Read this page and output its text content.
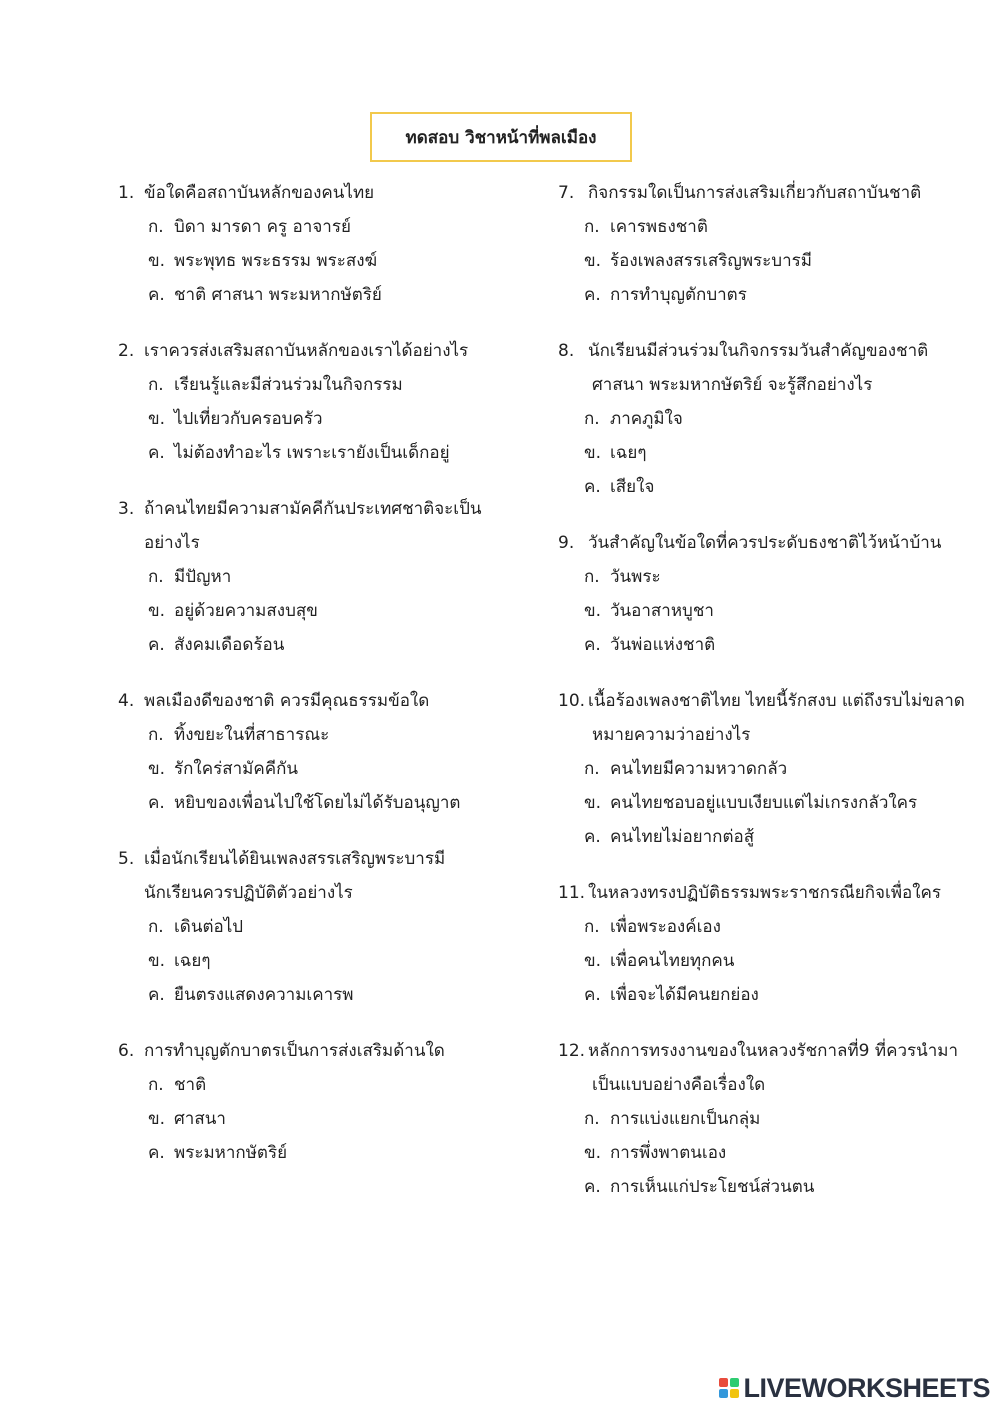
ทดสอบ วิชาหน้าที่พลเมือง
1. ข้อใดคือสถาบันหลักของคนไทย
ก. บิดา มารดา ครู อาจารย์
ข. พระพุทธ พระธรรม พระสงฆ์
ค. ชาติ ศาสนา พระมหากษัตริย์
2. เราควรส่งเสริมสถาบันหลักของเราได้อย่างไร
ก. เรียนรู้และมีส่วนร่วมในกิจกรรม
ข. ไปเที่ยวกับครอบครัว
ค. ไม่ต้องทำอะไร เพราะเรายังเป็นเด็กอยู่
3. ถ้าคนไทยมีความสามัคคีกันประเทศชาติจะเป็น
อย่างไร
ก. มีปัญหา
ข. อยู่ด้วยความสงบสุข
ค. สังคมเดือดร้อน
4. พลเมืองดีของชาติ ควรมีคุณธรรมข้อใด
ก. ทิ้งขยะในที่สาธารณะ
ข. รักใคร่สามัคคีกัน
ค. หยิบของเพื่อนไปใช้โดยไม่ได้รับอนุญาต
5. เมื่อนักเรียนได้ยินเพลงสรรเสริญพระบารมี
นักเรียนควรปฏิบัติตัวอย่างไร
ก. เดินต่อไป
ข. เฉยๆ
ค. ยืนตรงแสดงความเคารพ
6. การทำบุญตักบาตรเป็นการส่งเสริมด้านใด
ก. ชาติ
ข. ศาสนา
ค. พระมหากษัตริย์
7. กิจกรรมใดเป็นการส่งเสริมเกี่ยวกับสถาบันชาติ
ก. เคารพธงชาติ
ข. ร้องเพลงสรรเสริญพระบารมี
ค. การทำบุญตักบาตร
8. นักเรียนมีส่วนร่วมในกิจกรรมวันสำคัญของชาติ
ศาสนา พระมหากษัตริย์ จะรู้สึกอย่างไร
ก. ภาคภูมิใจ
ข. เฉยๆ
ค. เสียใจ
9. วันสำคัญในข้อใดที่ควรประดับธงชาติไว้หน้าบ้าน
ก. วันพระ
ข. วันอาสาหบูชา
ค. วันพ่อแห่งชาติ
10. เนื้อร้องเพลงชาติไทย ไทยนี้รักสงบ แต่ถึงรบไม่ขลาด
หมายความว่าอย่างไร
ก. คนไทยมีความหวาดกลัว
ข. คนไทยชอบอยู่แบบเงียบแต่ไม่เกรงกลัวใคร
ค. คนไทยไม่อยากต่อสู้
11. ในหลวงทรงปฏิบัติธรรมพระราชกรณียกิจเพื่อใคร
ก. เพื่อพระองค์เอง
ข. เพื่อคนไทยทุกคน
ค. เพื่อจะได้มีคนยกย่อง
12. หลักการทรงงานของในหลวงรัชกาลที่9 ที่ควรนำมา
เป็นแบบอย่างคือเรื่องใด
ก. การแบ่งแยกเป็นกลุ่ม
ข. การพึ่งพาตนเอง
ค. การเห็นแก่ประโยชน์ส่วนตน
LIVEWORKSHEETS
